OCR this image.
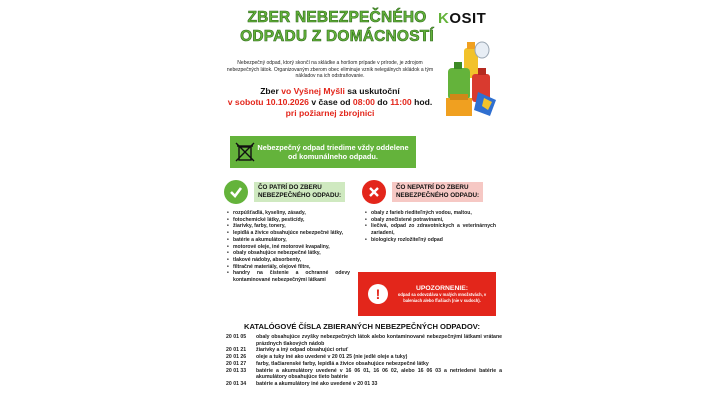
ZBER NEBEZPEČNÉHO
ODPADU Z DOMÁCNOSTÍ
KOSIT
Nebezpečný odpad, ktorý skončí na skládke a horšom prípade v prírode, je zdrojom nebezpečných látok. Organizovaným zberom obec eliminuje vznik nelegálnych skládok a tým nákladov na ich odstraňovanie.
Zber vo Vyšnej Myšli sa uskutoční
v sobotu 10.10.2026 v čase od 08:00 do 11:00 hod.
pri požiarnej zbrojnici
Nebezpečný odpad triedime vždy oddelene od komunálneho odpadu.
ČO PATRÍ DO ZBERU
NEBEZPEČNÉHO ODPADU:
• rozpúšťadlá, kyseliny, zásady,
• fotochemické látky, pesticídy,
• žiarivky, farby, tonery,
• lepidlá a živice obsahujúce nebezpečné látky,
• batérie a akumulátory,
• motorové oleje, iné motorové kvapaliny,
• obaly obsahujúce nebezpečné látky,
• tlakové nádoby, absorbenty,
• filtračné materiály, olejové filtre,
• handry na čistenie a ochranné odevy kontaminované nebezpečnými látkami
ČO NEPATRÍ DO ZBERU
NEBEZPEČNÉHO ODPADU:
• obaly z farieb riediteľných vodou, maltou,
• obaly znečistené potravinami,
• liečivá, odpad zo zdravotníckych a veterinárnych zariadení,
• biologicky rozložiteľný odpad
!	UPOZORNENIE:
odpad sa odovzdáva v malých množstvách, v baleniach alebo fľašiach (nie v sudoch).
KATALÓGOVÉ ČÍSLA ZBIERANÝCH NEBEZPEČNÝCH ODPADOV:
20 01 05	obaly obsahujúce zvyšky nebezpečných látok alebo kontaminované nebezpečnými látkami vrátane prázdnych tlakových nádob
20 01 21	žiarivky a iný odpad obsahujúci ortuť
20 01 26	oleje a tuky iné ako uvedené v 20 01 25 (nie jedlé oleje a tuky)
20 01 27	farby, tlačiarenské farby, lepidlá a živice obsahujúce nebezpečné látky
20 01 33	batérie a akumulátory uvedené v 16 06 01, 16 06 02, alebo 16 06 03 a netriedené batérie a akumulátory obsahujúce tieto batérie
20 01 34	batérie a akumulátory iné ako uvedené v 20 01 33
